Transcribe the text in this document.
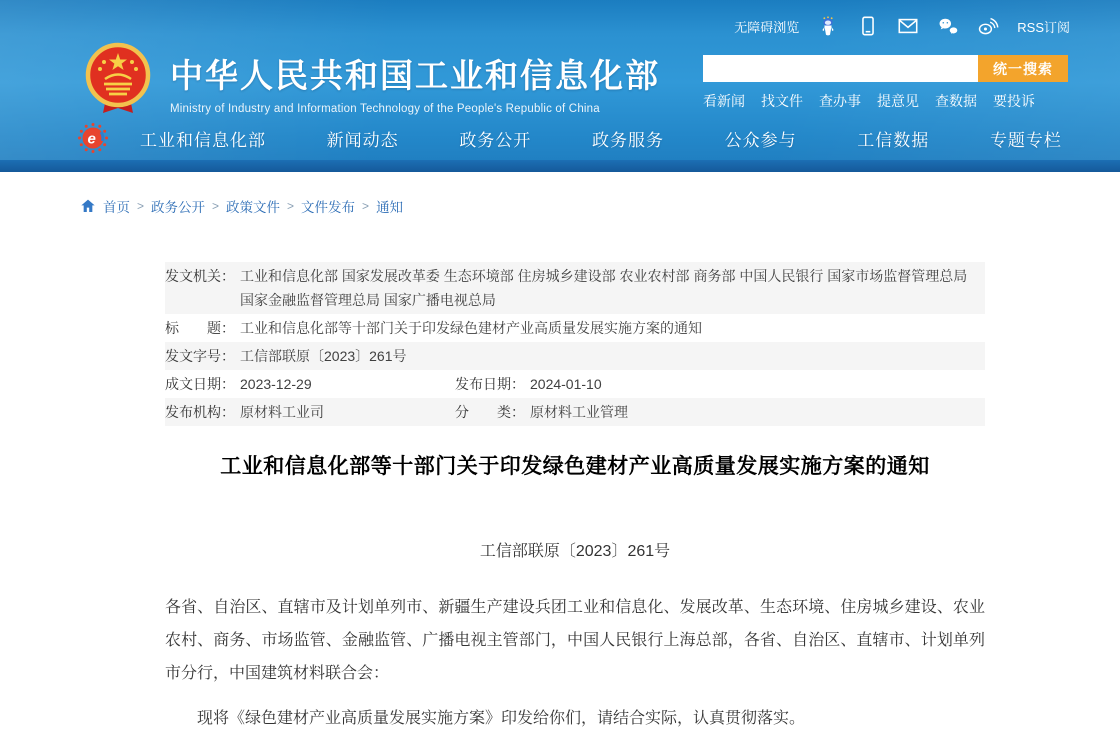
无障碍浏览	RSS订阅
中华人民共和国工业和信息化部
Ministry of Industry and Information Technology of the People's Republic of China
统一搜索
看新闻 找文件 查办事 提意见 查数据 要投诉
e	工业和信息化部	新闻动态	政务公开	政务服务	公众参与	工信数据	专题专栏
首页 > 政务公开 > 政策文件 > 文件发布 > 通知
发文机关： 工业和信息化部 国家发展改革委 生态环境部 住房城乡建设部 农业农村部 商务部 中国人民银行 国家市场监督管理总局 国家金融监督管理总局 国家广播电视总局
标　　题： 工业和信息化部等十部门关于印发绿色建材产业高质量发展实施方案的通知
发文字号： 工信部联原〔2023〕261号
成文日期： 2023-12-29	发布日期： 2024-01-10
发布机构： 原材料工业司	分　　类： 原材料工业管理
工业和信息化部等十部门关于印发绿色建材产业高质量发展实施方案的通知
工信部联原〔2023〕261号

各省、自治区、直辖市及计划单列市、新疆生产建设兵团工业和信息化、发展改革、生态环境、住房城乡建设、农业农村、商务、市场监管、金融监管、广播电视主管部门，中国人民银行上海总部，各省、自治区、直辖市、计划单列市分行，中国建筑材料联合会：

现将《绿色建材产业高质量发展实施方案》印发给你们，请结合实际，认真贯彻落实。
